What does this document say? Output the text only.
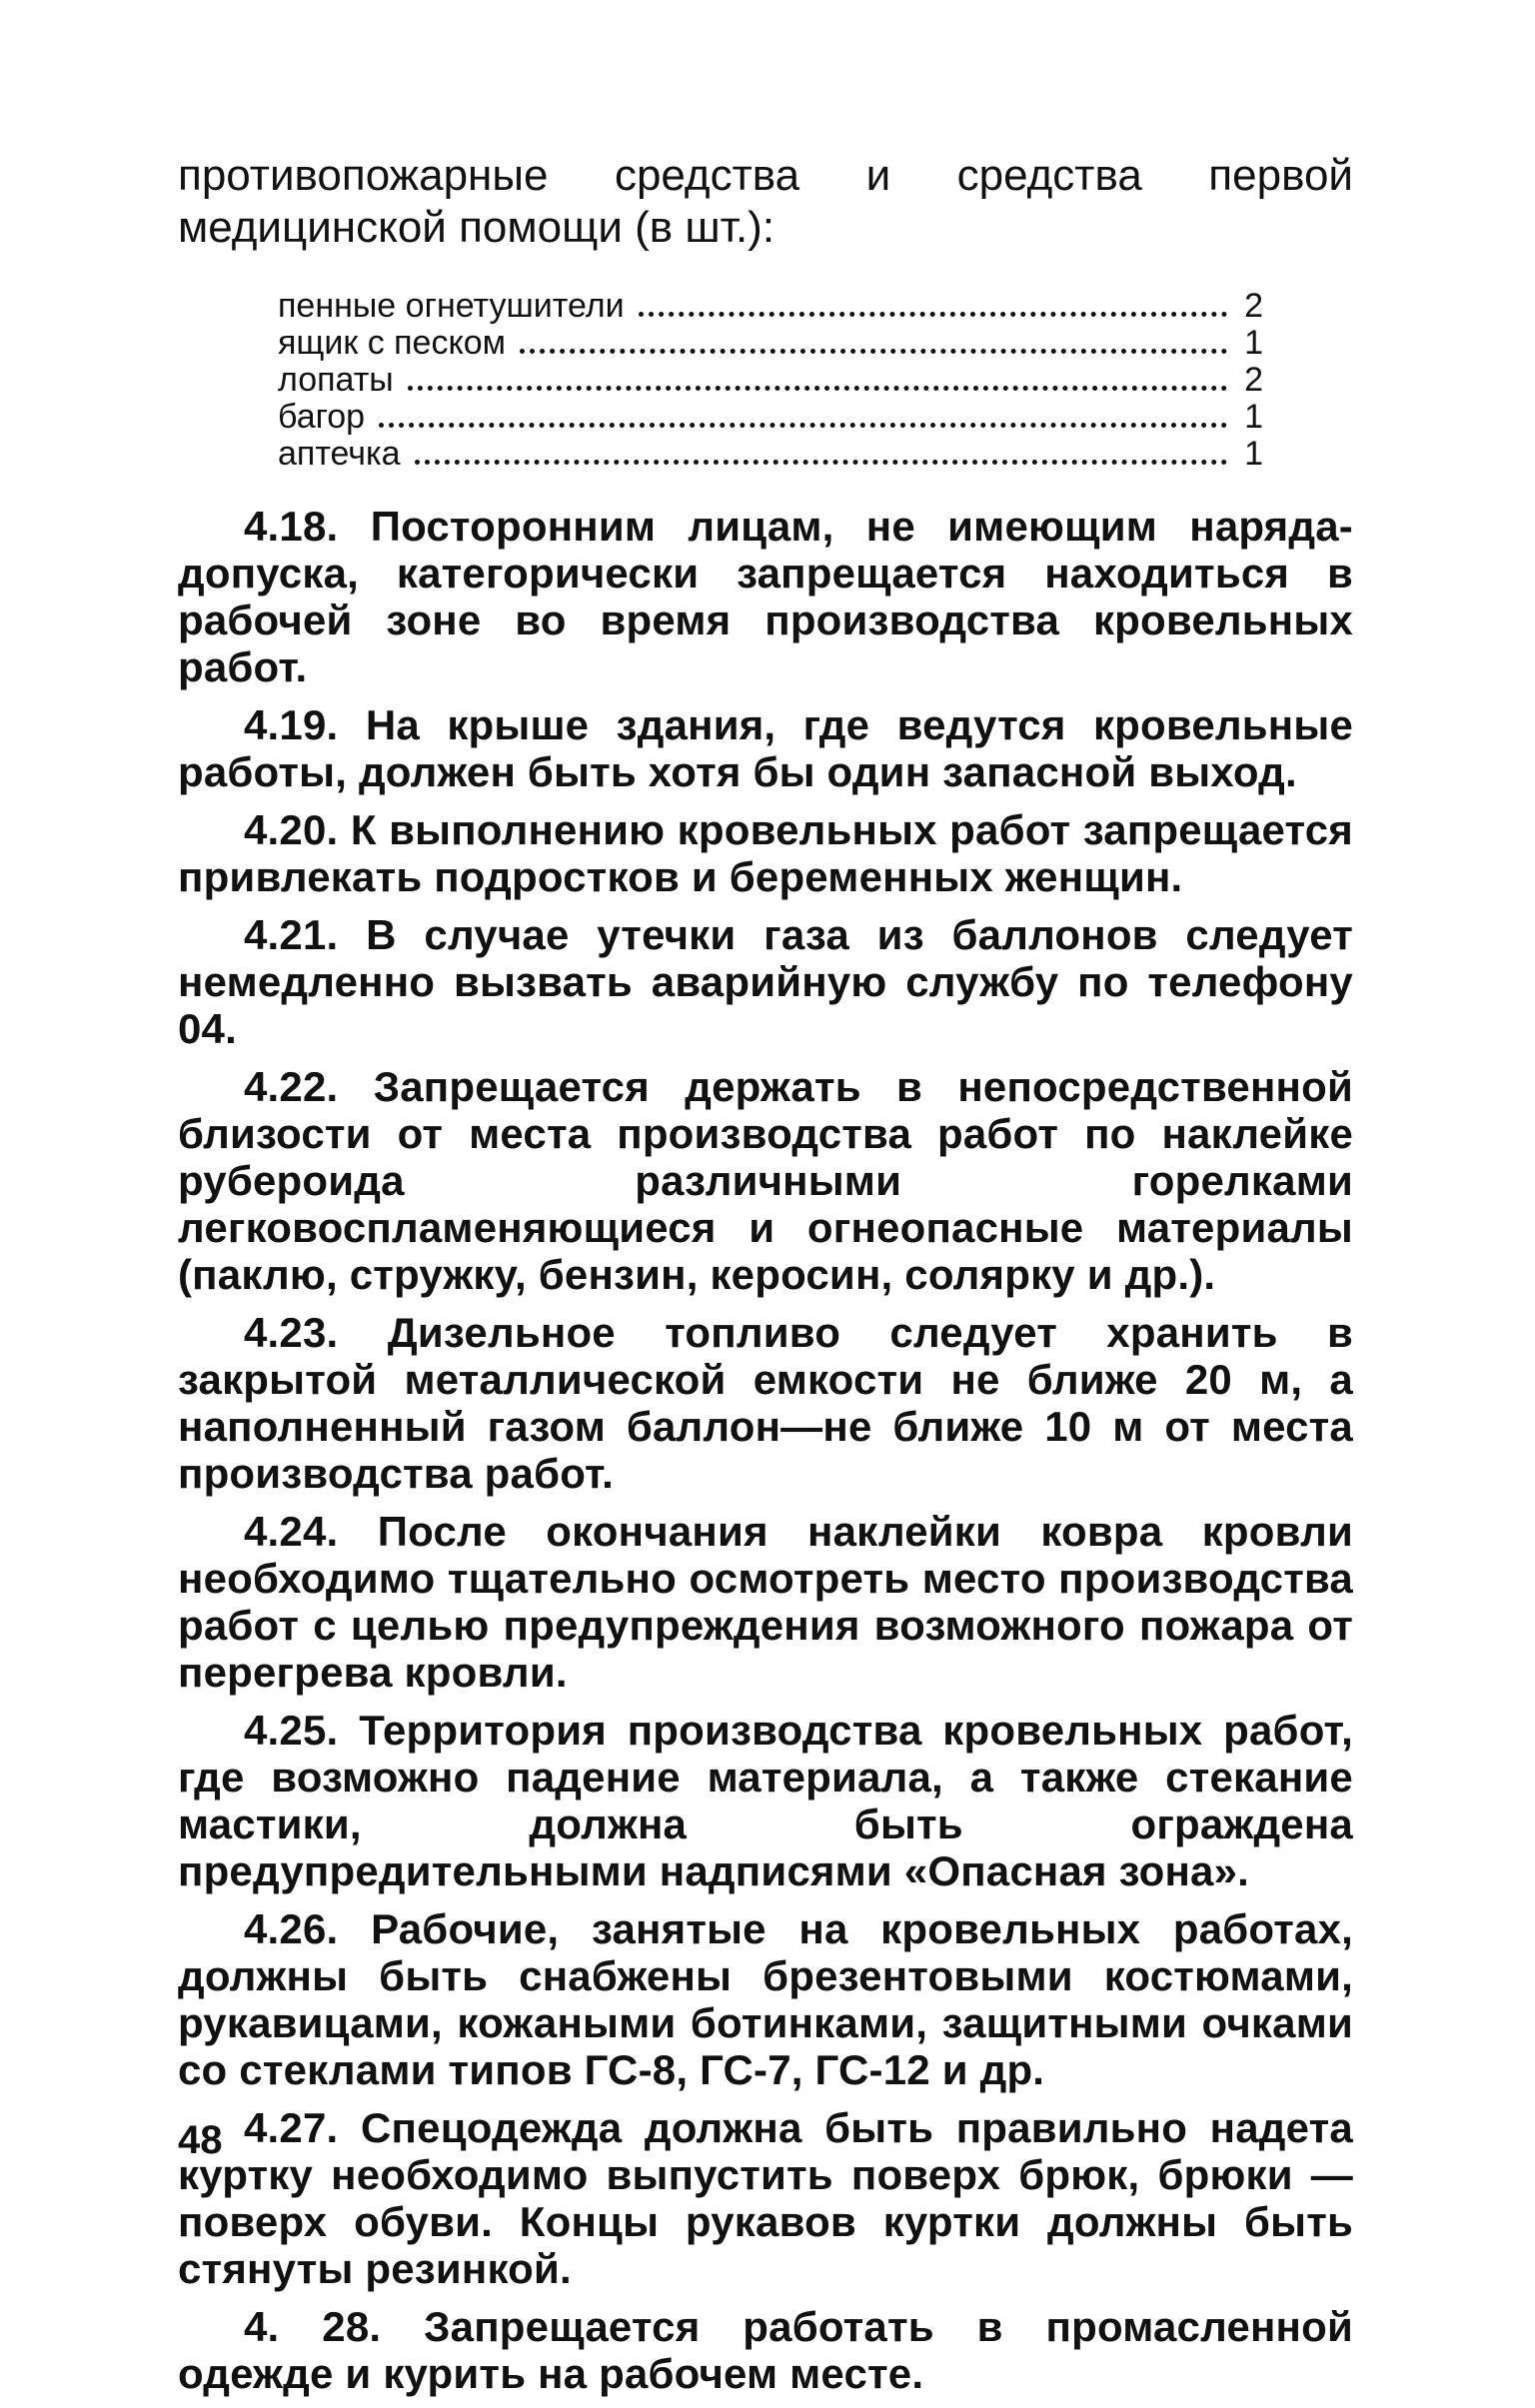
противопожарные средства и средства первой медицинской помощи (в шт.):

пенные огнетушители	2
ящик с песком	1
лопаты	2
багор	1
аптечка	1

4.18. Посторонним лицам, не имеющим наряда-допуска, категорически запрещается находиться в рабочей зоне во время производства кровельных работ.

4.19. На крыше здания, где ведутся кровельные работы, должен быть хотя бы один запасной выход.

4.20. К выполнению кровельных работ запрещается привлекать подростков и беременных женщин.

4.21. В случае утечки газа из баллонов следует немедленно вызвать аварийную службу по телефону 04.

4.22. Запрещается держать в непосредственной близости от места производства работ по наклейке рубероида различными горелками легковоспламеняющиеся и огнеопасные материалы (паклю, стружку, бензин, керосин, солярку и др.).

4.23. Дизельное топливо следует хранить в закрытой металлической емкости не ближе 20 м, а наполненный газом баллон—не ближе 10 м от места производства работ.

4.24. После окончания наклейки ковра кровли необходимо тщательно осмотреть место производства работ с целью предупреждения возможного пожара от перегрева кровли.

4.25. Территория производства кровельных работ, где возможно падение материала, а также стекание мастики, должна быть ограждена предупредительными надписями «Опасная зона».

4.26. Рабочие, занятые на кровельных работах, должны быть снабжены брезентовыми костюмами, рукавицами, кожаными ботинками, защитными очками со стеклами типов ГС-8, ГС-7, ГС-12 и др.

4.27. Спецодежда должна быть правильно надета куртку необходимо выпустить поверх брюк, брюки — поверх обуви. Концы рукавов куртки должны быть стянуты резинкой.

4. 28. Запрещается работать в промасленной одежде и курить на рабочем месте.

48
